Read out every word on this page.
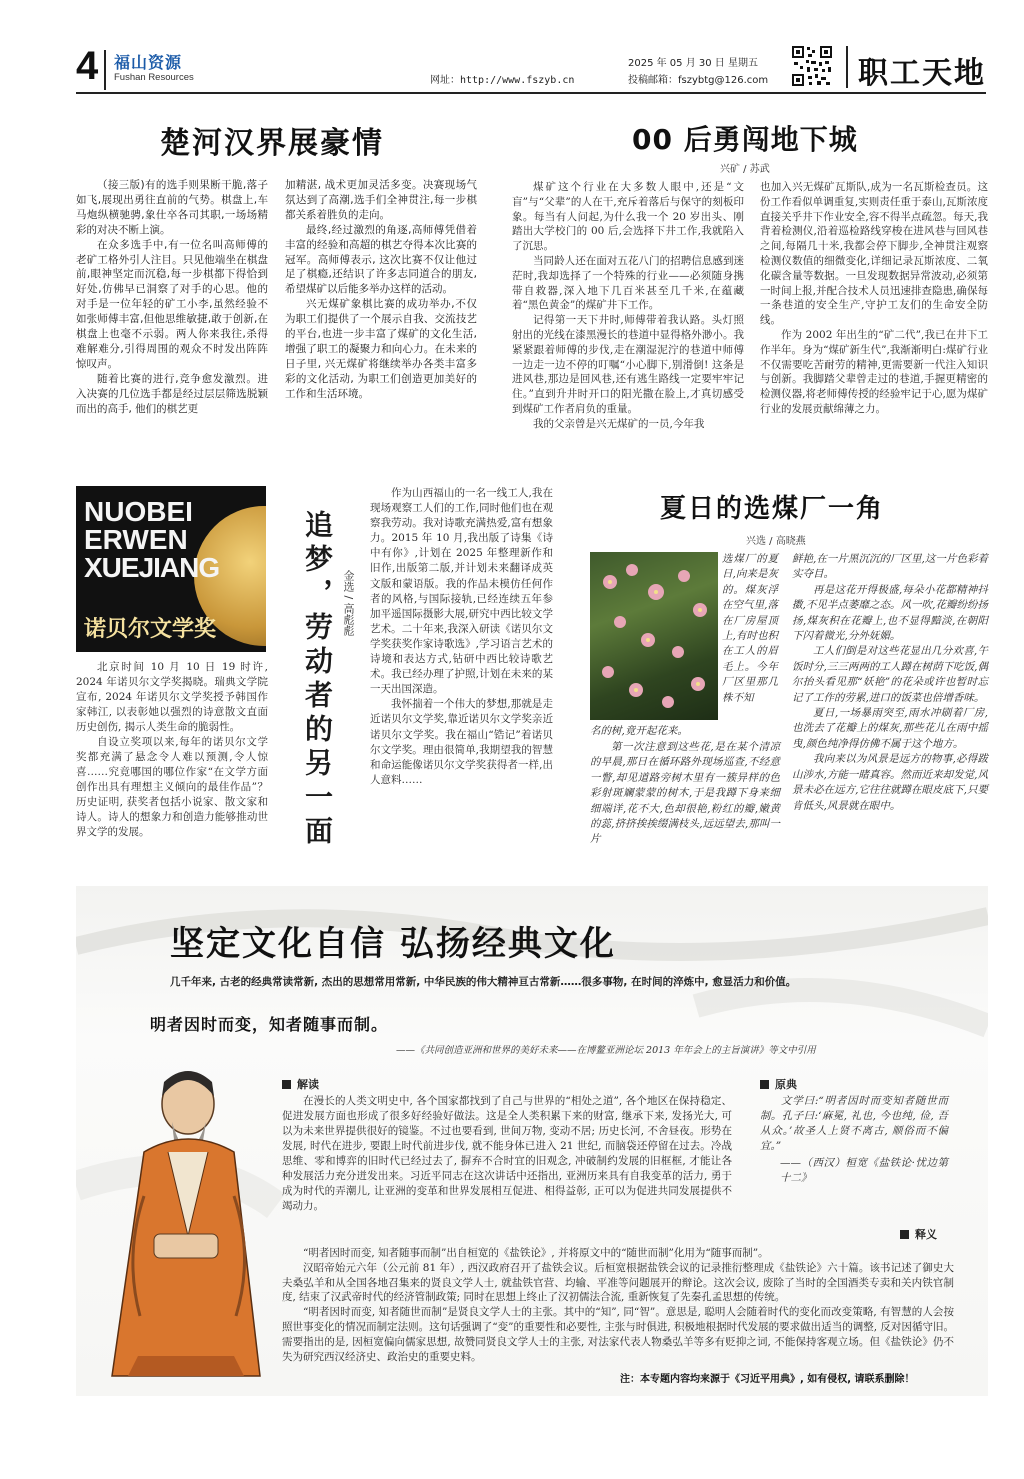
4 福山资源
Fushan Resources	网址：http://www.fszyb.cn
2025 年 05 月 30 日 星期五
投稿邮箱：fszybtg@126.com	职工天地
楚河汉界展豪情

（接三版)有的选手则果断干脆,落子如飞,展现出勇往直前的气势。棋盘上,车马炮纵横驰骋,象仕卒各司其职,一场场精彩的对决不断上演。

在众多选手中,有一位名叫高师傅的老矿工格外引人注目。只见他端坐在棋盘前,眼神坚定而沉稳,每一步棋都下得恰到好处,仿佛早已洞察了对手的心思。他的对手是一位年轻的矿工小李,虽然经验不如张师傅丰富,但他思维敏捷,敢于创新,在棋盘上也毫不示弱。两人你来我往,杀得难解难分,引得周围的观众不时发出阵阵惊叹声。

随着比赛的进行,竞争愈发激烈。进入决赛的几位选手都是经过层层筛选脱颖而出的高手, 他们的棋艺更

加精湛, 战术更加灵活多变。决赛现场气氛达到了高潮,选手们全神贯注,每一步棋都关系着胜负的走向。

最终,经过激烈的角逐,高师傅凭借着丰富的经验和高超的棋艺夺得本次比赛的冠军。高师傅表示, 这次比赛不仅让他过足了棋瘾,还结识了许多志同道合的朋友, 希望煤矿以后能多举办这样的活动。

兴无煤矿象棋比赛的成功举办,不仅为职工们提供了一个展示自我、交流技艺的平台,也进一步丰富了煤矿的文化生活, 增强了职工的凝聚力和向心力。在未来的日子里, 兴无煤矿将继续举办各类丰富多彩的文化活动, 为职工们创造更加美好的工作和生活环境。

00 后勇闯地下城
兴矿 / 苏武

煤矿这个行业在大多数人眼中,还是“文盲”与“父辈”的人在干,充斥着落后与保守的刻板印象。每当有人问起,为什么我一个 20 岁出头、刚踏出大学校门的 00 后,会选择下井工作,我就陷入了沉思。

当同龄人还在面对五花八门的招聘信息感到迷茫时,我却选择了一个特殊的行业——必须随身携带自救器,深入地下几百米甚至几千米,在蕴藏着“黑色黄金”的煤矿井下工作。

记得第一天下井时,师傅带着我认路。头灯照射出的光线在漆黑漫长的巷道中显得格外渺小。我紧紧跟着师傅的步伐,走在潮湿泥泞的巷道中师傅一边走一边不停的叮嘱“小心脚下,别滑倒! 这条是进风巷,那边是回风巷,还有逃生路线一定要牢牢记住。”直到升井时开口的阳光撒在脸上,才真切感受到煤矿工作者肩负的重量。

我的父亲曾是兴无煤矿的一员,今年我

也加入兴无煤矿瓦斯队,成为一名瓦斯检查员。这份工作看似单调重复,实则责任重于泰山,瓦斯浓度直接关乎井下作业安全,容不得半点疏忽。每天,我背着检测仪,沿着巡检路线穿梭在进风巷与回风巷之间,每隔几十米,我都会停下脚步,全神贯注观察检测仪数值的细微变化,详细记录瓦斯浓度、二氧化碳含量等数据。一旦发现数据异常波动,必须第一时间上报,并配合技术人员迅速排查隐患,确保每一条巷道的安全生产,守护工友们的生命安全防线。

作为 2002 年出生的“矿二代”,我已在井下工作半年。身为“煤矿新生代”,我渐渐明白:煤矿行业不仅需要吃苦耐劳的精神,更需要新一代注入知识与创新。我脚踏父辈曾走过的巷道,手握更精密的检测仪器,将老师傅传授的经验牢记于心,愿为煤矿行业的发展贡献绵薄之力。

NUOBEI
ERWEN
XUEJIANG
诺贝尔文学奖	追梦，劳动者的另一面 金选 / 高彪彪

北京时间 10 月 10 日 19 时许, 2024 年诺贝尔文学奖揭晓。瑞典文学院宣布, 2024 年诺贝尔文学奖授予韩国作家韩江, 以表彰她以强烈的诗意散文直面历史创伤, 揭示人类生命的脆弱性。

自设立奖项以来,每年的诺贝尔文学奖都充满了悬念令人难以预测,令人惊喜……究竟哪国的哪位作家“在文学方面创作出具有理想主义倾向的最佳作品”？历史证明, 获奖者包括小说家、散文家和诗人。诗人的想象力和创造力能够推动世界文学的发展。

作为山西福山的一名一线工人,我在现场观察工人们的工作,同时他们也在观察我劳动。我对诗歌充满热爱,富有想象力。2015 年 10 月,我出版了诗集《诗中有你》,计划在 2025 年整理新作和旧作,出版第二版,并计划未来翻译成英文版和蒙语版。我的作品未模仿任何作者的风格,与国际接轨,已经连续五年参加平遥国际摄影大展,研究中西比较文学艺术。二十年来,我深入研读《诺贝尔文学奖获奖作家诗歌选》,学习语言艺术的诗境和表达方式,钻研中西比较诗歌艺术。我已经办理了护照,计划在未来的某一天出国深造。

我怀揣着一个伟大的梦想,那就是走近诺贝尔文学奖,靠近诺贝尔文学奖亲近诺贝尔文学奖。我在福山“锆记”着诺贝尔文学奖。理由很简单,我期望我的智慧和命运能像诺贝尔文学奖获得者一样,出人意料……

夏日的选煤厂一角
兴选 / 高晓燕
选煤厂的夏日,向来是灰的。煤灰浮在空气里,落在厂房屋顶上,有时也积在工人的眉毛上。今年厂区里那几株不知
名的树,竟开起花来。

第一次注意到这些花,是在某个清凉的早晨,那日在循环路外现场巡查,不经意一瞥,却见道路旁树木里有一簇异样的色彩射斑斓蒙蒙的树木,于是我蹲下身来细细端详,花不大,色却很艳,粉红的瓣,嫩黄的蕊,挤挤挨挨缀满枝头,远远望去,那叫一片

鲜艳,在一片黑沉沉的厂区里,这一片色彩着实夺目。

再是这花开得极盛,每朵小花都精神抖擞,不见半点萎靡之态。风一吹,花瓣纷纷扬扬,煤灰积在花瓣上,也不显得黯淡,在朝阳下闪着微光,分外妩媚。

工人们倒是对这些花显出几分欢喜,午饭时分,三三两两的工人蹲在树荫下吃饭,偶尔抬头看见那“妖艳”的花朵或许也暂时忘记了工作的劳累,进口的饭菜也倍增香味。

夏日,一场暴雨突至,雨水冲刷着厂房,也洗去了花瓣上的煤灰,那些花儿在雨中摇曳,颜色纯净得仿佛不属于这个地方。

我向来以为风景是远方的物事,必得跋山涉水,方能一睹真容。然而近来却发觉,风景未必在远方,它往往就蹲在眼皮底下,只要肯低头,风景就在眼中。

坚定文化自信 弘扬经典文化
几千年来, 古老的经典常读常新, 杰出的思想常用常新, 中华民族的伟大精神亘古常新……很多事物, 在时间的淬炼中, 愈显活力和价值。
明者因时而变，知者随事而制。
——《共同创造亚洲和世界的美好未来——在博鳌亚洲论坛 2013 年年会上的主旨演讲》等文中引用
解读

在漫长的人类文明史中, 各个国家都找到了自己与世界的“相处之道”, 各个地区在保持稳定、促进发展方面也形成了很多好经验好做法。这是全人类积累下来的财富, 继承下来, 发扬光大, 可以为未来世界提供很好的镜鉴。不过也要看到, 世间万物, 变动不居; 历史长河, 不舍昼夜。形势在发展, 时代在进步, 要跟上时代前进步伐, 就不能身体已进入 21 世纪, 而脑袋还停留在过去。冷战思维、零和博弈的旧时代已经过去了, 摒弃不合时宜的旧观念, 冲破制约发展的旧框框, 才能让各种发展活力充分迸发出来。习近平同志在这次讲话中还指出, 亚洲历来具有自我变革的活力, 勇于成为时代的弄潮儿, 让亚洲的变革和世界发展相互促进、相得益彰, 正可以为促进共同发展提供不竭动力。

原典

文学曰:“明者因时而变知者随世而制。孔子曰:‘麻冕, 礼也, 今也纯, 俭, 吾从众。’故圣人上贤不离古, 顺俗而不偏宜。”

——（西汉）桓宽《盐铁论·忧边第十二》
释义

“明者因时而变, 知者随事而制”出自桓宽的《盐铁论》, 并将原文中的“随世而制”化用为“随事而制”。

汉昭帝始元六年（公元前 81 年）, 西汉政府召开了盐铁会议。后桓宽根据盐铁会议的记录推衍整理成《盐铁论》六十篇。该书记述了御史大夫桑弘羊和从全国各地召集来的贤良文学人士, 就盐铁官营、均输、平准等问题展开的辩论。这次会议, 废除了当时的全国酒类专卖和关内铁官制度, 结束了汉武帝时代的经济管制政策; 同时在思想上终止了汉初儒法合流, 重新恢复了先秦孔孟思想的传统。

“明者因时而变, 知者随世而制”是贤良文学人士的主张。其中的“知”, 同“智”。意思是, 聪明人会随着时代的变化而改变策略, 有智慧的人会按照世事变化的情况而制定法则。这句话强调了“变”的重要性和必要性, 主张与时俱进, 积极地根据时代发展的要求做出适当的调整, 反对因循守旧。需要指出的是, 因桓宽偏向儒家思想, 故赞同贤良文学人士的主张, 对法家代表人物桑弘羊等多有贬抑之词, 不能保持客观立场。但《盐铁论》仍不失为研究西汉经济史、政治史的重要史料。

注：本专题内容均来源于《习近平用典》, 如有侵权, 请联系删除！
